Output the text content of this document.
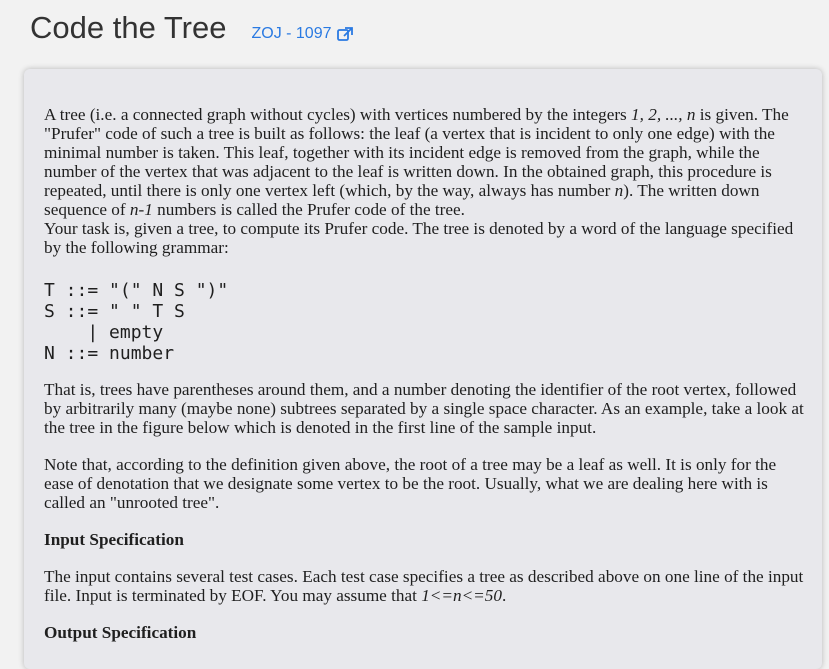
Code the Tree ZOJ - 1097

A tree (i.e. a connected graph without cycles) with vertices numbered by the integers 1, 2, ..., n is given. The "Prufer" code of such a tree is built as follows: the leaf (a vertex that is incident to only one edge) with the minimal number is taken. This leaf, together with its incident edge is removed from the graph, while the number of the vertex that was adjacent to the leaf is written down. In the obtained graph, this procedure is repeated, until there is only one vertex left (which, by the way, always has number n). The written down sequence of n-1 numbers is called the Prufer code of the tree.

Your task is, given a tree, to compute its Prufer code. The tree is denoted by a word of the language specified by the following grammar:

T ::= "(" N S ")"
S ::= " " T S
| empty
N ::= number

That is, trees have parentheses around them, and a number denoting the identifier of the root vertex, followed by arbitrarily many (maybe none) subtrees separated by a single space character. As an example, take a look at the tree in the figure below which is denoted in the first line of the sample input.

Note that, according to the definition given above, the root of a tree may be a leaf as well. It is only for the ease of denotation that we designate some vertex to be the root. Usually, what we are dealing here with is called an "unrooted tree".

Input Specification

The input contains several test cases. Each test case specifies a tree as described above on one line of the input file. Input is terminated by EOF. You may assume that 1<=n<=50.

Output Specification
